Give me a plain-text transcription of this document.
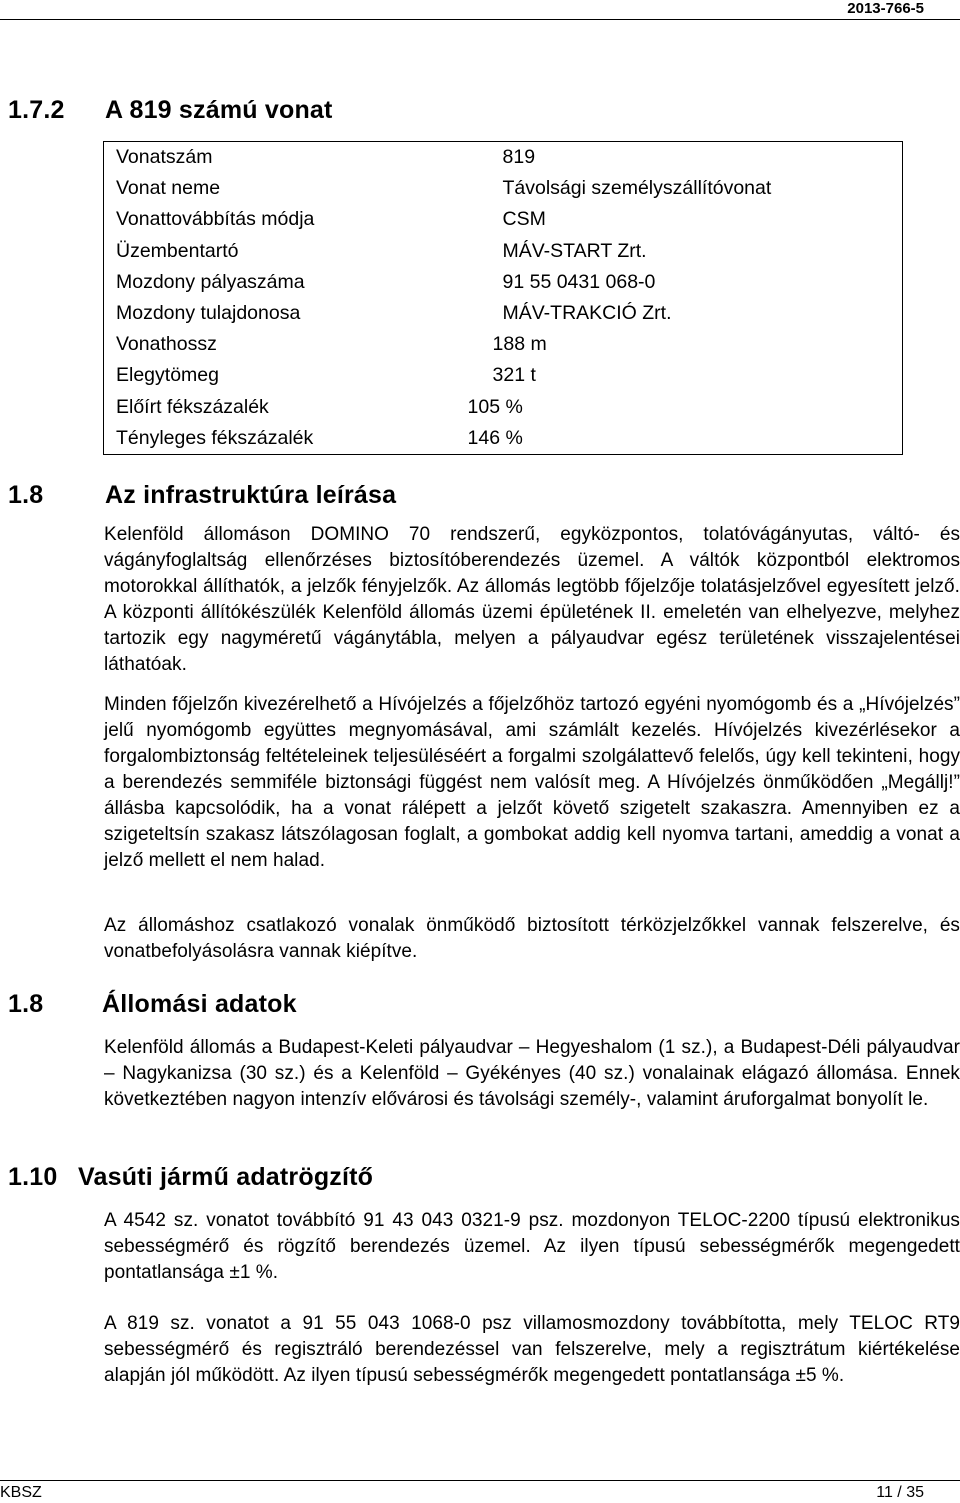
2013-766-5
1.7.2 A 819 számú vonat
Vonatszám	819
Vonat neme	Távolsági személyszállítóvonat
Vonattovábbítás módja	CSM
Üzembentartó	MÁV-START Zrt.
Mozdony pályaszáma	91 55 0431 068-0
Mozdony tulajdonosa	MÁV-TRAKCIÓ Zrt.
Vonathossz	188 m
Elegytömeg	321 t
Előírt fékszázalék	105 %
Tényleges fékszázalék	146 %
1.8 Az infrastruktúra leírása
Kelenföld állomáson DOMINO 70 rendszerű, egyközpontos, tolatóvágányutas, váltó- és vágányfoglaltság ellenőrzéses biztosítóberendezés üzemel. A váltók központból elektromos motorokkal állíthatók, a jelzők fényjelzők. Az állomás legtöbb főjelzője tolatásjelzővel egyesített jelző. A központi állítókészülék Kelenföld állomás üzemi épületének II. emeletén van elhelyezve, melyhez tartozik egy nagyméretű vágánytábla, melyen a pályaudvar egész területének visszajelentései láthatóak.
Minden főjelzőn kivezérelhető a Hívójelzés a főjelzőhöz tartozó egyéni nyomógomb és a „Hívójelzés” jelű nyomógomb együttes megnyomásával, ami számlált kezelés. Hívójelzés kivezérlésekor a forgalombiztonság feltételeinek teljesüléséért a forgalmi szolgálattevő felelős, úgy kell tekinteni, hogy a berendezés semmiféle biztonsági függést nem valósít meg. A Hívójelzés önműködően „Megállj!” állásba kapcsolódik, ha a vonat rálépett a jelzőt követő szigetelt szakaszra. Amennyiben ez a szigeteltsín szakasz látszólagosan foglalt, a gombokat addig kell nyomva tartani, ameddig a vonat a jelző mellett el nem halad.
Az állomáshoz csatlakozó vonalak önműködő biztosított térközjelzőkkel vannak felszerelve, és vonatbefolyásolásra vannak kiépítve.
1.8 Állomási adatok
Kelenföld állomás a Budapest-Keleti pályaudvar – Hegyeshalom (1 sz.), a Budapest-Déli pályaudvar – Nagykanizsa (30 sz.) és a Kelenföld – Gyékényes (40 sz.) vonalainak elágazó állomása. Ennek következtében nagyon intenzív elővárosi és távolsági személy-, valamint áruforgalmat bonyolít le.
1.10 Vasúti jármű adatrögzítő
A 4542 sz. vonatot továbbító 91 43 043 0321-9 psz. mozdonyon TELOC-2200 típusú elektronikus sebességmérő és rögzítő berendezés üzemel. Az ilyen típusú sebességmérők megengedett pontatlansága ±1 %.
A 819 sz. vonatot a 91 55 043 1068-0 psz villamosmozdony továbbította, mely TELOC RT9 sebességmérő és regisztráló berendezéssel van felszerelve, mely a regisztrátum kiértékelése alapján jól működött. Az ilyen típusú sebességmérők megengedett pontatlansága ±5 %.
KBSZ	11 / 35
